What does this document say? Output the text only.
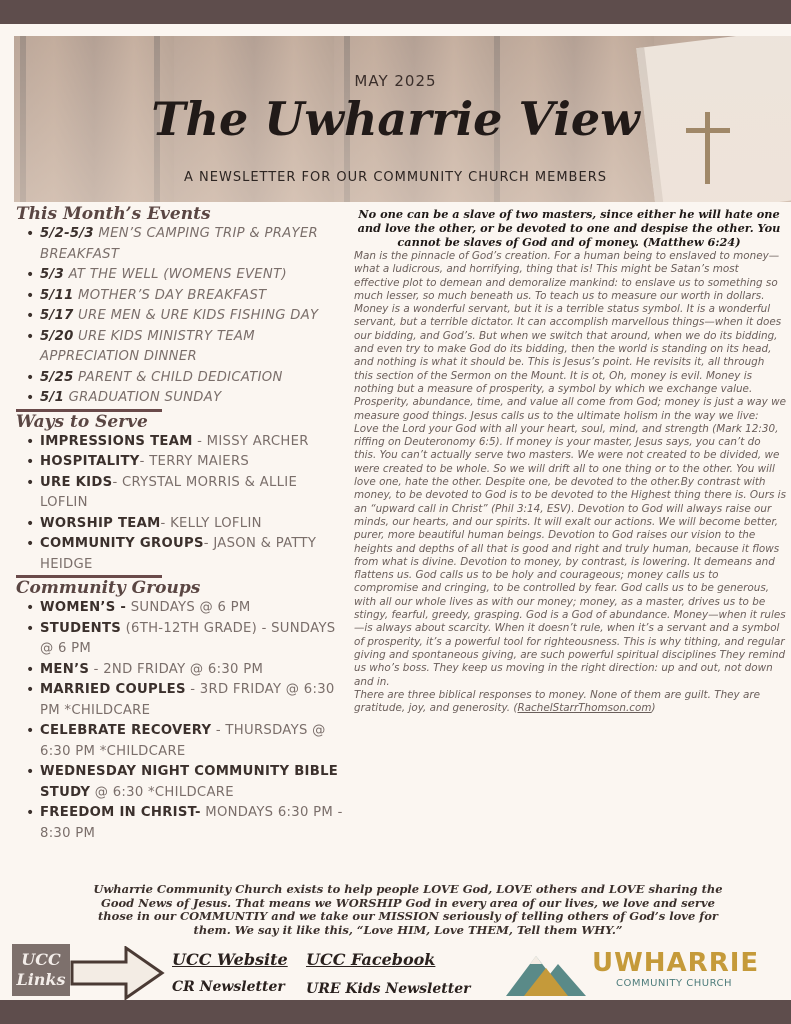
MAY 2025
The Uwharrie View
A NEWSLETTER FOR OUR COMMUNITY CHURCH MEMBERS
This Month’s Events
• 5/2-5/3 MEN’S CAMPING TRIP & PRAYER BREAKFAST
• 5/3 AT THE WELL (WOMENS EVENT)
• 5/11 MOTHER’S DAY BREAKFAST
• 5/17 URE MEN & URE KIDS FISHING DAY
• 5/20 URE KIDS MINISTRY TEAM APPRECIATION DINNER
• 5/25 PARENT & CHILD DEDICATION
• 5/1 GRADUATION SUNDAY
Ways to Serve
• IMPRESSIONS TEAM - MISSY ARCHER
• HOSPITALITY- TERRY MAIERS
• URE KIDS- CRYSTAL MORRIS & ALLIE LOFLIN
• WORSHIP TEAM- KELLY LOFLIN
• COMMUNITY GROUPS- JASON & PATTY HEIDGE
Community Groups
• WOMEN’S - SUNDAYS @ 6 PM
• STUDENTS (6TH-12TH GRADE) - SUNDAYS @ 6 PM
• MEN’S - 2ND FRIDAY @ 6:30 PM
• MARRIED COUPLES - 3RD FRIDAY @ 6:30 PM *CHILDCARE
• CELEBRATE RECOVERY - THURSDAYS @ 6:30 PM *CHILDCARE
• WEDNESDAY NIGHT COMMUNITY BIBLE STUDY @ 6:30 *CHILDCARE
• FREEDOM IN CHRIST- MONDAYS 6:30 PM - 8:30 PM

No one can be a slave of two masters, since either he will hate one and love the other, or be devoted to one and despise the other. You cannot be slaves of God and of money. (Matthew 6:24)

Man is the pinnacle of God’s creation. For a human being to enslaved to money—what a ludicrous, and horrifying, thing that is! This might be Satan’s most effective plot to demean and demoralize mankind: to enslave us to something so much lesser, so much beneath us. To teach us to measure our worth in dollars. Money is a wonderful servant, but it is a terrible status symbol. It is a wonderful servant, but a terrible dictator. It can accomplish marvellous things—when it does our bidding, and God’s. But when we switch that around, when we do its bidding, and even try to make God do its bidding, then the world is standing on its head, and nothing is what it should be. This is Jesus’s point. He revisits it, all through this section of the Sermon on the Mount. It is ot, Oh, money is evil. Money is nothing but a measure of prosperity, a symbol by which we exchange value. Prosperity, abundance, time, and value all come from God; money is just a way we measure good things. Jesus calls us to the ultimate holism in the way we live: Love the Lord your God with all your heart, soul, mind, and strength (Mark 12:30, riffing on Deuteronomy 6:5). If money is your master, Jesus says, you can’t do this. You can’t actually serve two masters. We were not created to be divided, we were created to be whole. So we will drift all to one thing or to the other. You will love one, hate the other. Despite one, be devoted to the other.By contrast with money, to be devoted to God is to be devoted to the Highest thing there is. Ours is an “upward call in Christ” (Phil 3:14, ESV). Devotion to God will always raise our minds, our hearts, and our spirits. It will exalt our actions. We will become better, purer, more beautiful human beings. Devotion to God raises our vision to the heights and depths of all that is good and right and truly human, because it flows from what is divine. Devotion to money, by contrast, is lowering. It demeans and flattens us. God calls us to be holy and courageous; money calls us to compromise and cringing, to be controlled by fear. God calls us to be generous, with all our whole lives as with our money; money, as a master, drives us to be stingy, fearful, greedy, grasping. God is a God of abundance. Money—when it rules—is always about scarcity. When it doesn’t rule, when it’s a servant and a symbol of prosperity, it’s a powerful tool for righteousness. This is why tithing, and regular giving and spontaneous giving, are such powerful spiritual disciplines They remind us who’s boss. They keep us moving in the right direction: up and out, not down and in.
There are three biblical responses to money. None of them are guilt. They are gratitude, joy, and generosity. (RachelStarrThomson.com)

Uwharrie Community Church exists to help people LOVE God, LOVE others and LOVE sharing the Good News of Jesus. That means we WORSHIP God in every area of our lives, we love and serve those in our COMMUNTIY and we take our MISSION seriously of telling others of God’s love for them. We say it like this, “Love HIM, Love THEM, Tell them WHY.”

UCC
Links
UCC Website UCC Facebook
CR Newsletter URE Kids Newsletter
UWHARRIE
COMMUNITY CHURCH
